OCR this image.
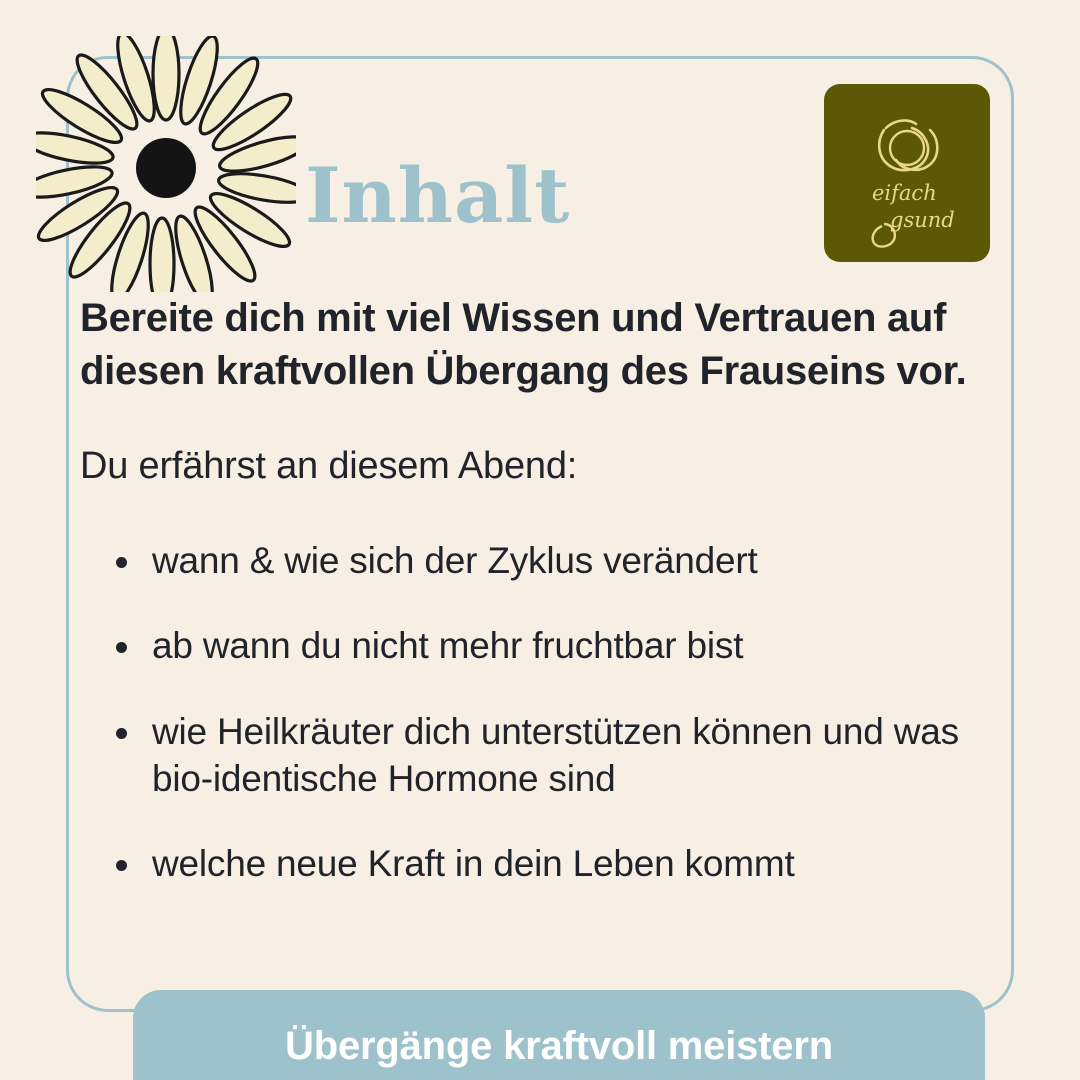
Inhalt	eifach
gsund

Bereite dich mit viel Wissen und Vertrauen auf diesen kraftvollen Übergang des Frauseins vor.

Du erfährst an diesem Abend:

wann & wie sich der Zyklus verändert
ab wann du nicht mehr fruchtbar bist
wie Heilkräuter dich unterstützen können und was bio-identische Hormone sind
welche neue Kraft in dein Leben kommt
Übergänge kraftvoll meistern
